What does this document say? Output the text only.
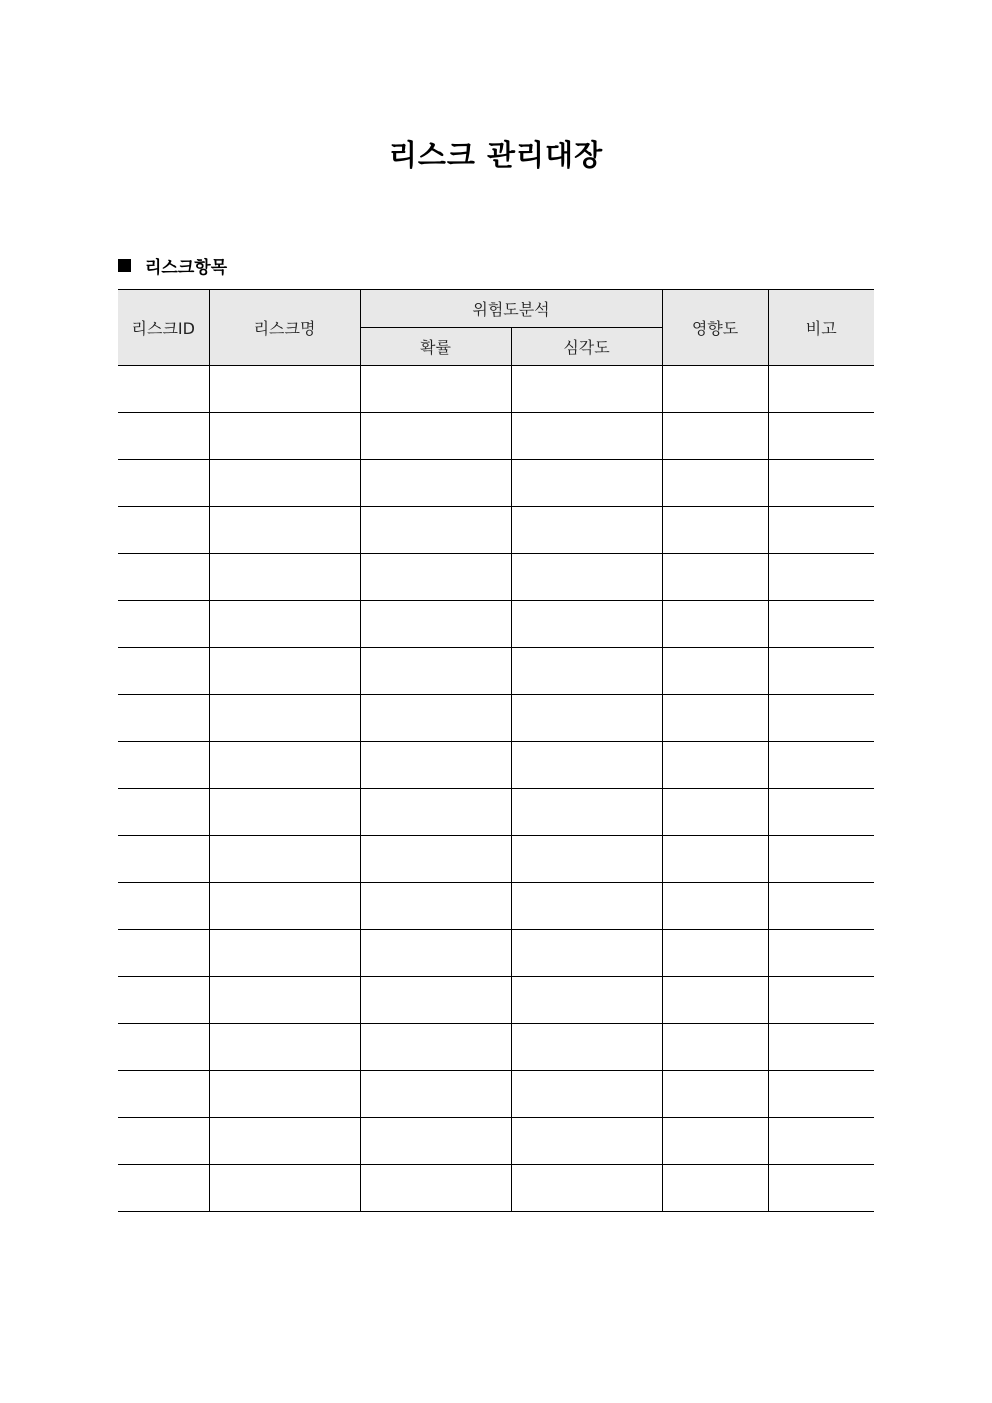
리스크 관리대장
리스크항목
리스크ID	리스크명	위험도분석		영향도	비고
		확률	심각도		
